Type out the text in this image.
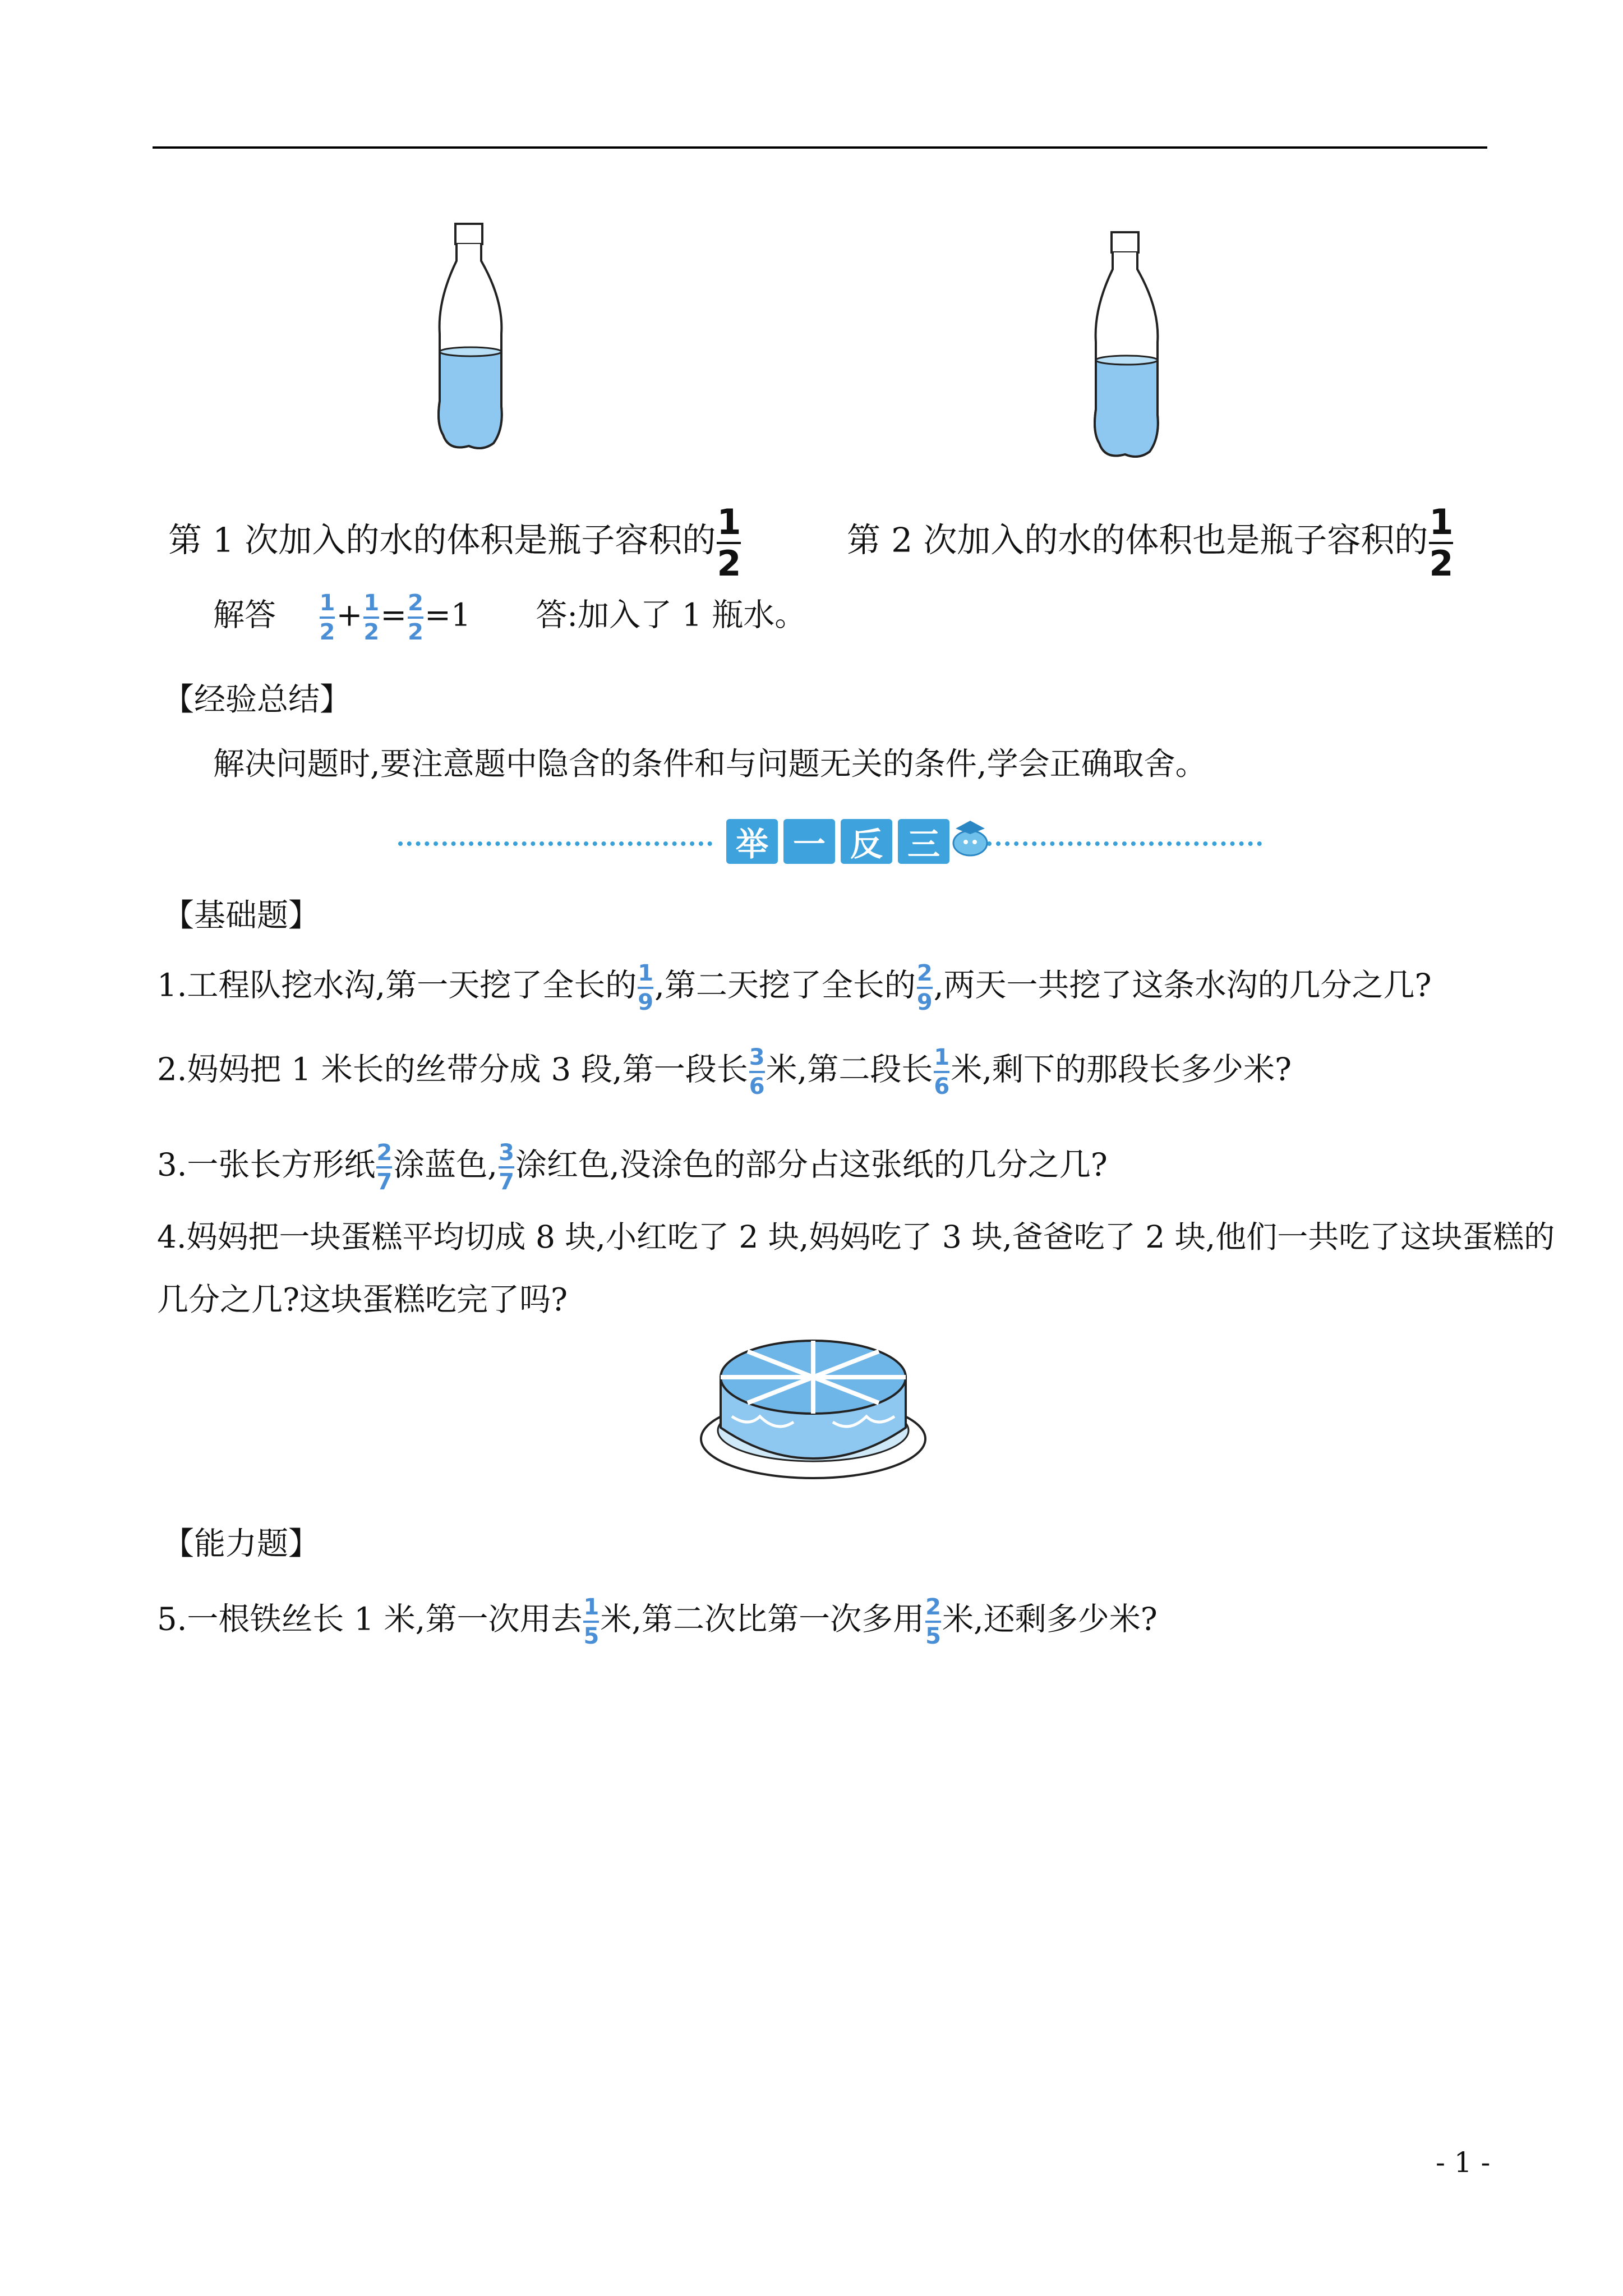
第 1 次加入的水的体积是瓶子容积的 $\frac{1}{2}$	第 2 次加入的水的体积也是瓶子容积的 $\frac{1}{2}$
解答 $\frac{1}{2} + \frac{1}{2} = \frac{2}{2} =1$ 答:加入了 1 瓶水。
【经验总结】
解决问题时,要注意题中隐含的条件和与问题无关的条件,学会正确取舍。
举 一 反 三
【基础题】
1.工程队挖水沟,第一天挖了全长的 $\frac{1}{9}$ ,第二天挖了全长的 $\frac{2}{9}$ ,两天一共挖了这条水沟的几分之几?
2.妈妈把 1 米长的丝带分成 3 段,第一段长 $\frac{3}{6}$ 米,第二段长 $\frac{1}{6}$ 米,剩下的那段长多少米?
3.一张长方形纸 $\frac{2}{7}$ 涂蓝色, $\frac{3}{7}$ 涂红色,没涂色的部分占这张纸的几分之几?
4.妈妈把一块蛋糕平均切成 8 块,小红吃了 2 块,妈妈吃了 3 块,爸爸吃了 2 块,他们一共吃了这块蛋糕的
几分之几?这块蛋糕吃完了吗?
【能力题】
5.一根铁丝长 1 米,第一次用去 $\frac{1}{5}$ 米,第二次比第一次多用 $\frac{2}{5}$ 米,还剩多少米?
- 1 -
